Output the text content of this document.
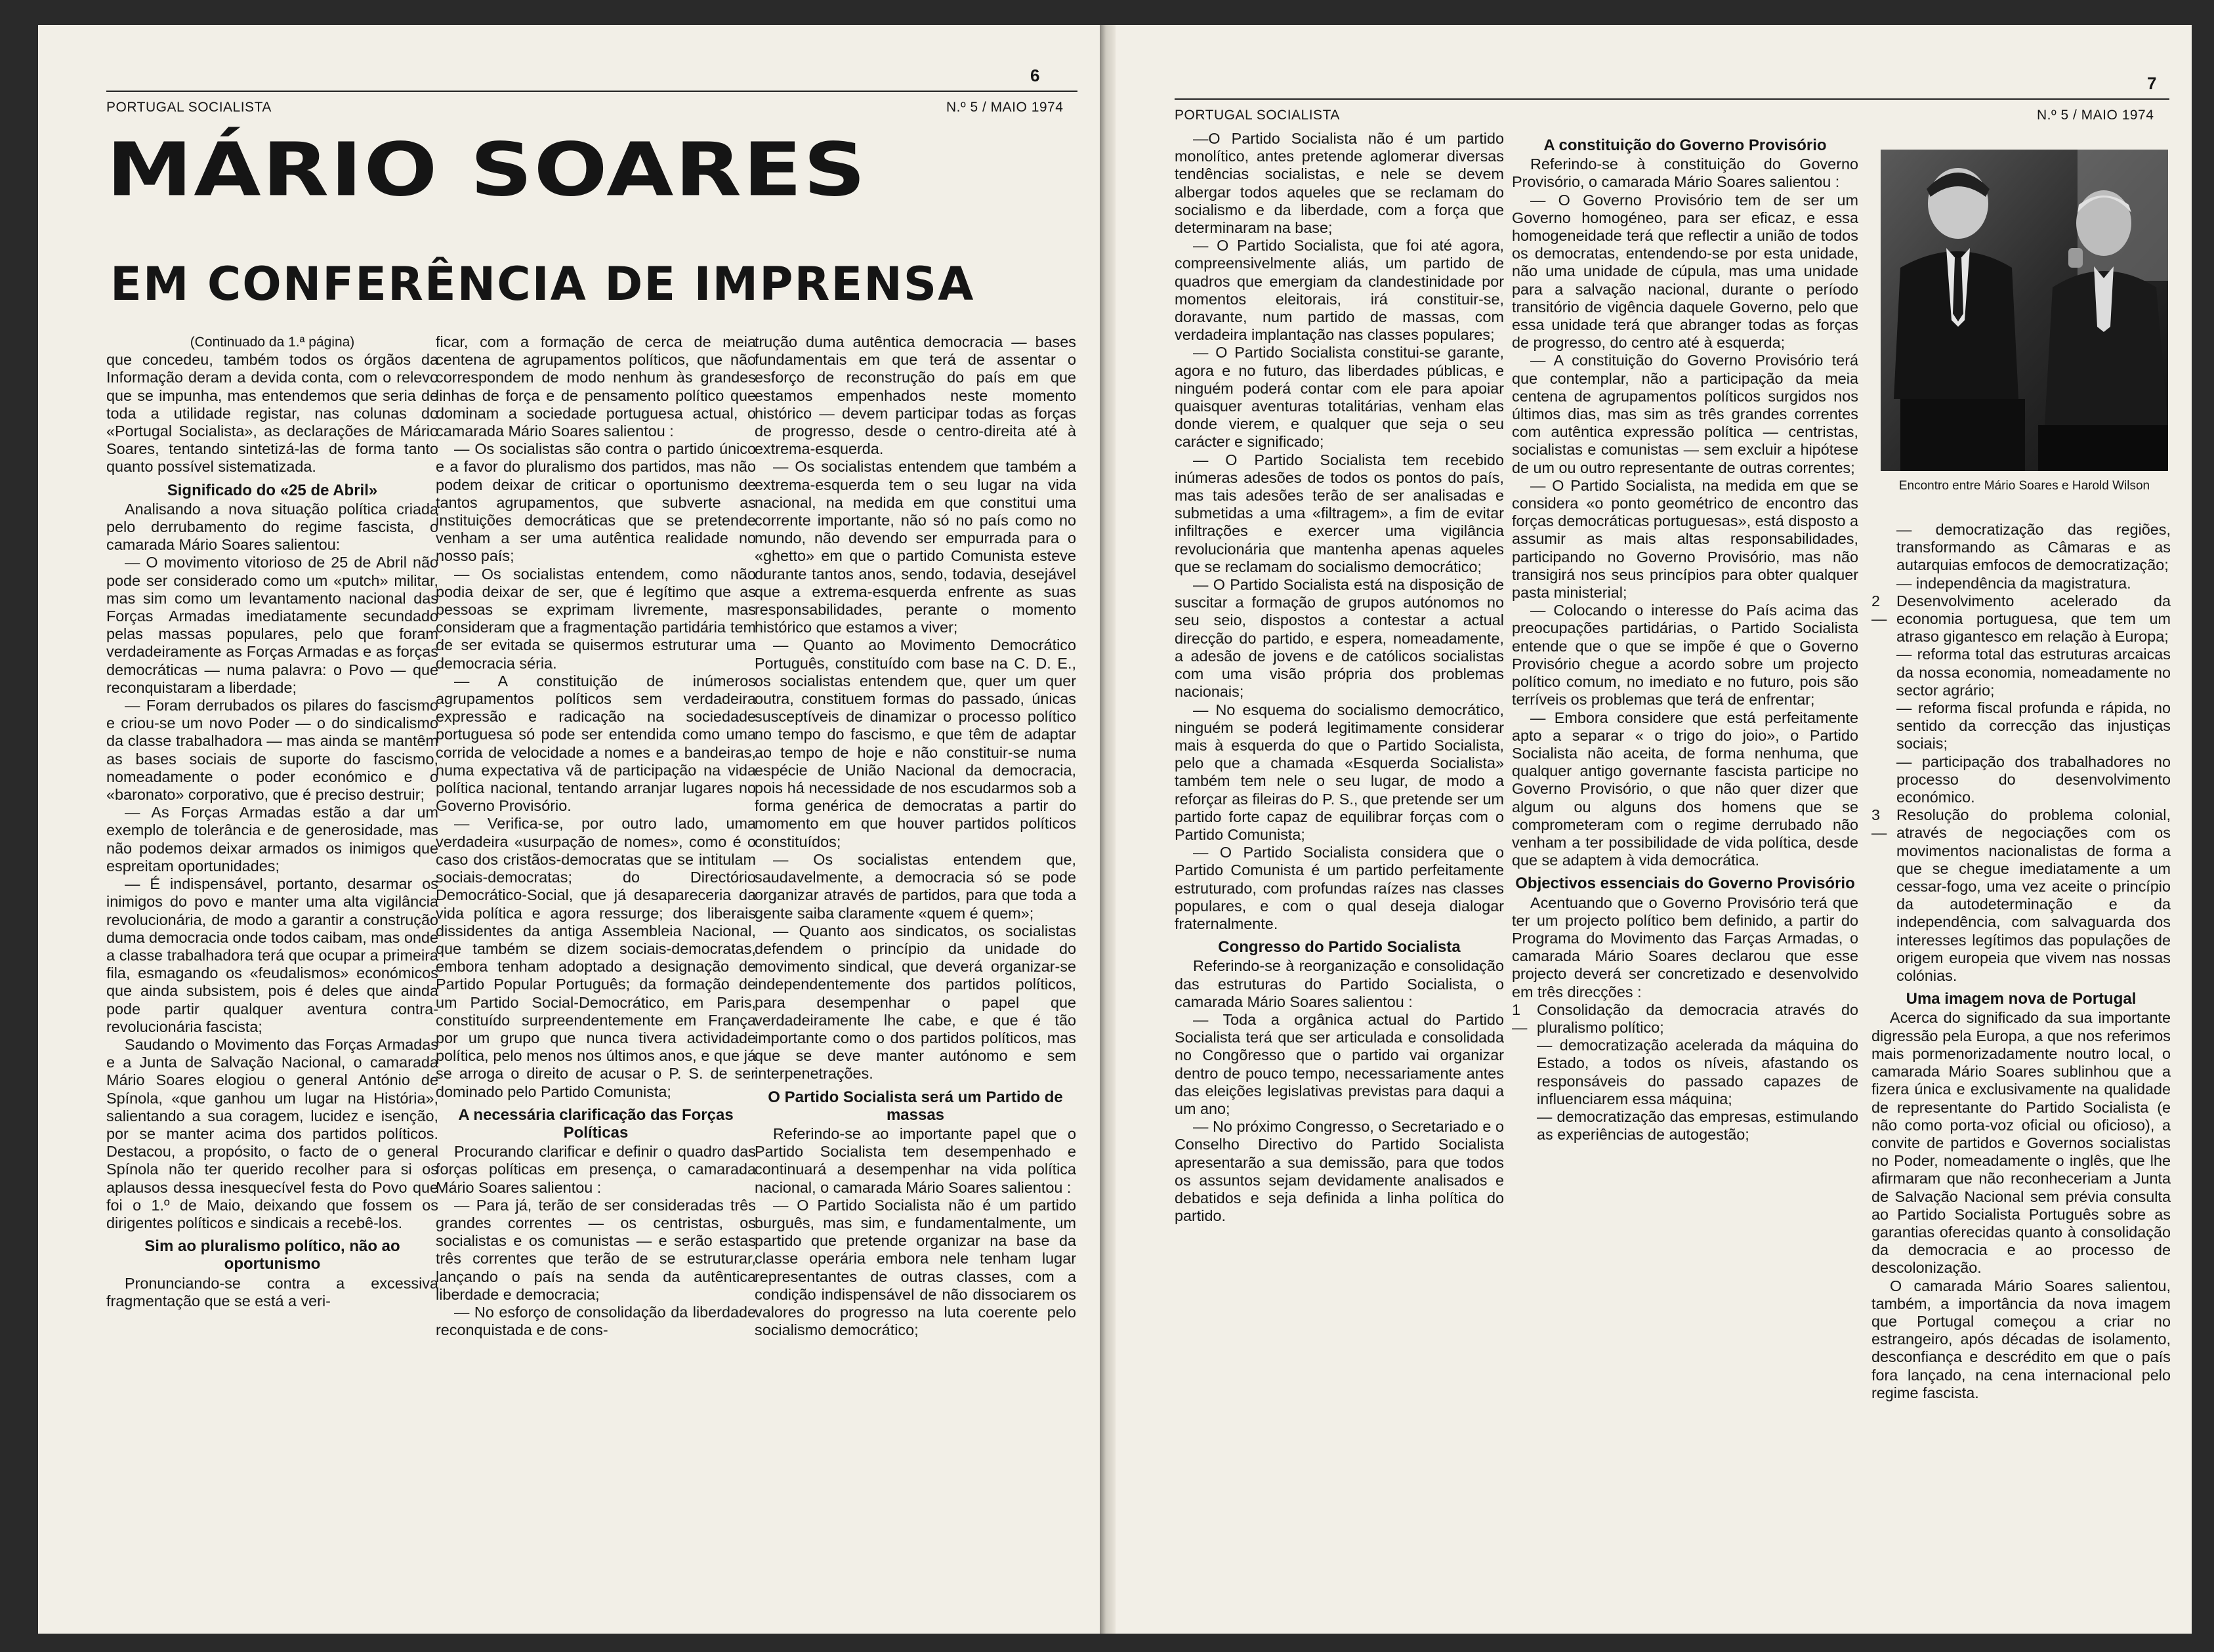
6
PORTUGAL SOCIALISTA	N.º 5 / MAIO 1974
MÁRIO SOARES
EM CONFERÊNCIA DE IMPRENSA

(Continuado da 1.ª página)

que concedeu, também todos os órgãos da Informação deram a devida conta, com o relevo que se impunha, mas entendemos que seria de toda a utilidade registar, nas colunas do «Portugal Socialista», as declarações de Mário Soares, tentando sintetizá-las de forma tanto quanto possível sistematizada.

Significado do «25 de Abril»

Analisando a nova situação política criada pelo derrubamento do regime fascista, o camarada Mário Soares salientou:

— O movimento vitorioso de 25 de Abril não pode ser considerado como um «putch» militar, mas sim como um levantamento nacional das Forças Armadas imediatamente secundado pelas massas populares, pelo que foram verdadeiramente as Forças Armadas e as forças democráticas — numa palavra: o Povo — que reconquistaram a liberdade;

— Foram derrubados os pilares do fascismo e criou-se um novo Poder — o do sindicalismo da classe trabalhadora — mas ainda se mantêm as bases sociais de suporte do fascismo, nomeadamente o poder económico e o «baronato» corporativo, que é preciso destruir;

— As Forças Armadas estão a dar um exemplo de tolerância e de generosidade, mas não podemos deixar armados os inimigos que espreitam oportunidades;

— É indispensável, portanto, desarmar os inimigos do povo e manter uma alta vigilância revolucionária, de modo a garantir a construção duma democracia onde todos caibam, mas onde a classe trabalhadora terá que ocupar a primeira fila, esmagando os «feudalismos» económicos que ainda subsistem, pois é deles que ainda pode partir qualquer aventura contra-revolucionária fascista;

Saudando o Movimento das Forças Armadas e a Junta de Salvação Nacional, o camarada Mário Soares elogiou o general António de Spínola, «que ganhou um lugar na História», salientando a sua coragem, lucidez e isenção, por se manter acima dos partidos políticos. Destacou, a propósito, o facto de o general Spínola não ter querido recolher para si os aplausos dessa inesquecível festa do Povo que foi o 1.º de Maio, deixando que fossem os dirigentes políticos e sindicais a recebê-los.

Sim ao pluralismo político, não ao oportunismo

Pronunciando-se contra a excessiva fragmentação que se está a veri-

ficar, com a formação de cerca de meia centena de agrupamentos políticos, que não correspondem de modo nenhum às grandes linhas de força e de pensamento político que dominam a sociedade portuguesa actual, o camarada Mário Soares salientou :

— Os socialistas são contra o partido único e a favor do pluralismo dos partidos, mas não podem deixar de criticar o oportunismo de tantos agrupamentos, que subverte as instituições democráticas que se pretende venham a ser uma autêntica realidade no nosso país;

— Os socialistas entendem, como não podia deixar de ser, que é legítimo que as pessoas se exprimam livremente, mas consideram que a fragmentação partidária tem de ser evitada se quisermos estruturar uma democracia séria.

— A constituição de inúmeros agrupamentos políticos sem verdadeira expressão e radicação na sociedade portuguesa só pode ser entendida como uma corrida de velocidade a nomes e a bandeiras, numa expectativa vã de participação na vida política nacional, tentando arranjar lugares no Governo Provisório.

— Verifica-se, por outro lado, uma verdadeira «usurpação de nomes», como é o caso dos cristãos-democratas que se intitulam sociais-democratas; do Directório Democrático-Social, que já desapareceria da vida política e agora ressurge; dos liberais dissidentes da antiga Assembleia Nacional, que também se dizem sociais-democratas, embora tenham adoptado a designação de Partido Popular Português; da formação de um Partido Social-Democrático, em Paris, constituído surpreendentemente em França por um grupo que nunca tivera actividade política, pelo menos nos últimos anos, e que já se arroga o direito de acusar o P. S. de ser dominado pelo Partido Comunista;

A necessária clarificação das Forças Políticas

Procurando clarificar e definir o quadro das forças políticas em presença, o camarada Mário Soares salientou :

— Para já, terão de ser consideradas três grandes correntes — os centristas, os socialistas e os comunistas — e serão estas três correntes que terão de se estruturar, lançando o país na senda da autêntica liberdade e democracia;

— No esforço de consolidação da liberdade reconquistada e de cons-

trução duma autêntica democracia — bases fundamentais em que terá de assentar o esforço de reconstrução do país em que estamos empenhados neste momento histórico — devem participar todas as forças de progresso, desde o centro-direita até à extrema-esquerda.

— Os socialistas entendem que também a extrema-esquerda tem o seu lugar na vida nacional, na medida em que constitui uma corrente importante, não só no país como no mundo, não devendo ser empurrada para o «ghetto» em que o partido Comunista esteve durante tantos anos, sendo, todavia, desejável que a extrema-esquerda enfrente as suas responsabilidades, perante o momento histórico que estamos a viver;

— Quanto ao Movimento Democrático Português, constituído com base na C. D. E., os socialistas entendem que, quer um quer outra, constituem formas do passado, únicas susceptíveis de dinamizar o processo político no tempo do fascismo, e que têm de adaptar ao tempo de hoje e não constituir-se numa espécie de União Nacional da democracia, pois há necessidade de nos escudarmos sob a forma genérica de democratas a partir do momento em que houver partidos políticos constituídos;

— Os socialistas entendem que, saudavelmente, a democracia só se pode organizar através de partidos, para que toda a gente saiba claramente «quem é quem»;

— Quanto aos sindicatos, os socialistas defendem o princípio da unidade do movimento sindical, que deverá organizar-se independentemente dos partidos políticos, para desempenhar o papel que verdadeiramente lhe cabe, e que é tão importante como o dos partidos políticos, mas que se deve manter autónomo e sem interpenetrações.

O Partido Socialista será um Partido de massas

Referindo-se ao importante papel que o Partido Socialista tem desempenhado e continuará a desempenhar na vida política nacional, o camarada Mário Soares salientou :

— O Partido Socialista não é um partido burguês, mas sim, e fundamentalmente, um partido que pretende organizar na base da classe operária embora nele tenham lugar representantes de outras classes, com a condição indispensável de não dissociarem os valores do progresso na luta coerente pelo socialismo democrático;

7
PORTUGAL SOCIALISTA	N.º 5 / MAIO 1974

—O Partido Socialista não é um partido monolítico, antes pretende aglomerar diversas tendências socialistas, e nele se devem albergar todos aqueles que se reclamam do socialismo e da liberdade, com a força que determinaram na base;

— O Partido Socialista, que foi até agora, compreensivelmente aliás, um partido de quadros que emergiam da clandestinidade por momentos eleitorais, irá constituir-se, doravante, num partido de massas, com verdadeira implantação nas classes populares;

— O Partido Socialista constitui-se garante, agora e no futuro, das liberdades públicas, e ninguém poderá contar com ele para apoiar quaisquer aventuras totalitárias, venham elas donde vierem, e qualquer que seja o seu carácter e significado;

— O Partido Socialista tem recebido inúmeras adesões de todos os pontos do país, mas tais adesões terão de ser analisadas e submetidas a uma «filtragem», a fim de evitar infiltrações e exercer uma vigilância revolucionária que mantenha apenas aqueles que se reclamam do socialismo democrático;

— O Partido Socialista está na disposição de suscitar a formação de grupos autónomos no seu seio, dispostos a contestar a actual direcção do partido, e espera, nomeadamente, a adesão de jovens e de católicos socialistas com uma visão própria dos problemas nacionais;

— No esquema do socialismo democrático, ninguém se poderá legitimamente considerar mais à esquerda do que o Partido Socialista, pelo que a chamada «Esquerda Socialista» também tem nele o seu lugar, de modo a reforçar as fileiras do P. S., que pretende ser um partido forte capaz de equilibrar forças com o Partido Comunista;

— O Partido Socialista considera que o Partido Comunista é um partido perfeitamente estruturado, com profundas raízes nas classes populares, e com o qual deseja dialogar fraternalmente.

Congresso do Partido Socialista

Referindo-se à reorganização e consolidação das estruturas do Partido Socialista, o camarada Mário Soares salientou :

— Toda a orgânica actual do Partido Socialista terá que ser articulada e consolidada no Congõresso que o partido vai organizar dentro de pouco tempo, necessariamente antes das eleições legislativas previstas para daqui a um ano;

— No próximo Congresso, o Secretariado e o Conselho Directivo do Partido Socialista apresentarão a sua demissão, para que todos os assuntos sejam devidamente analisados e debatidos e seja definida a linha política do partido.

A constituição do Governo Provisório

Referindo-se à constituição do Governo Provisório, o camarada Mário Soares salientou :

— O Governo Provisório tem de ser um Governo homogéneo, para ser eficaz, e essa homogeneidade terá que reflectir a união de todos os democratas, entendendo-se por esta unidade, não uma unidade de cúpula, mas uma unidade para a salvação nacional, durante o período transitório de vigência daquele Governo, pelo que essa unidade terá que abranger todas as forças de progresso, do centro até à esquerda;

— A constituição do Governo Provisório terá que contemplar, não a participação da meia centena de agrupamentos políticos surgidos nos últimos dias, mas sim as três grandes correntes com autêntica expressão política — centristas, socialistas e comunistas — sem excluir a hipótese de um ou outro representante de outras correntes;

— O Partido Socialista, na medida em que se considera «o ponto geométrico de encontro das forças democráticas portuguesas», está disposto a assumir as mais altas responsabilidades, participando no Governo Provisório, mas não transigirá nos seus princípios para obter qualquer pasta ministerial;

— Colocando o interesse do País acima das preocupações partidárias, o Partido Socialista entende que o que se impõe é que o Governo Provisório chegue a acordo sobre um projecto político comum, no imediato e no futuro, pois são terríveis os problemas que terá de enfrentar;

— Embora considere que está perfeitamente apto a separar « o trigo do joio», o Partido Socialista não aceita, de forma nenhuma, que qualquer antigo governante fascista participe no Governo Provisório, o que não quer dizer que algum ou alguns dos homens que se comprometeram com o regime derrubado não venham a ter possibilidade de vida política, desde que se adaptem à vida democrática.

Objectivos essenciais do Governo Provisório

Acentuando que o Governo Provisório terá que ter um projecto político bem definido, a partir do Programa do Movimento das Farças Armadas, o camarada Mário Soares declarou que esse projecto deverá ser concretizado e desenvolvido em três direcções :

1 —
Consolidação da democracia através do pluralismo político;
— democratização acelerada da máquina do Estado, a todos os níveis, afastando os responsáveis do passado capazes de influenciarem essa máquina;
— democratização das empresas, estimulando as experiências de autogestão;
Encontro entre Mário Soares e Harold Wilson
— democratização das regiões, transformando as Câmaras e as autarquias emfocos de democratização;
— independência da magistratura.
2 —
Desenvolvimento acelerado da economia portuguesa, que tem um atraso gigantesco em relação à Europa;
— reforma total das estruturas arcaicas da nossa economia, nomeadamente no sector agrário;
— reforma fiscal profunda e rápida, no sentido da correcção das injustiças sociais;
— participação dos trabalhadores no processo do desenvolvimento económico.
3 —
Resolução do problema colonial, através de negociações com os movimentos nacionalistas de forma a que se chegue imediatamente a um cessar-fogo, uma vez aceite o princípio da autodeterminação e da independência, com salvaguarda dos interesses legítimos das populações de origem europeia que vivem nas nossas colónias.
Uma imagem nova de Portugal

Acerca do significado da sua importante digressão pela Europa, a que nos referimos mais pormenorizadamente noutro local, o camarada Mário Soares sublinhou que a fizera única e exclusivamente na qualidade de representante do Partido Socialista (e não como porta-voz oficial ou oficioso), a convite de partidos e Governos socialistas no Poder, nomeadamente o inglês, que lhe afirmaram que não reconheceriam a Junta de Salvação Nacional sem prévia consulta ao Partido Socialista Português sobre as garantias oferecidas quanto à consolidação da democracia e ao processo de descolonização.

O camarada Mário Soares salientou, também, a importância da nova imagem que Portugal começou a criar no estrangeiro, após décadas de isolamento, desconfiança e descrédito em que o país fora lançado, na cena internacional pelo regime fascista.
